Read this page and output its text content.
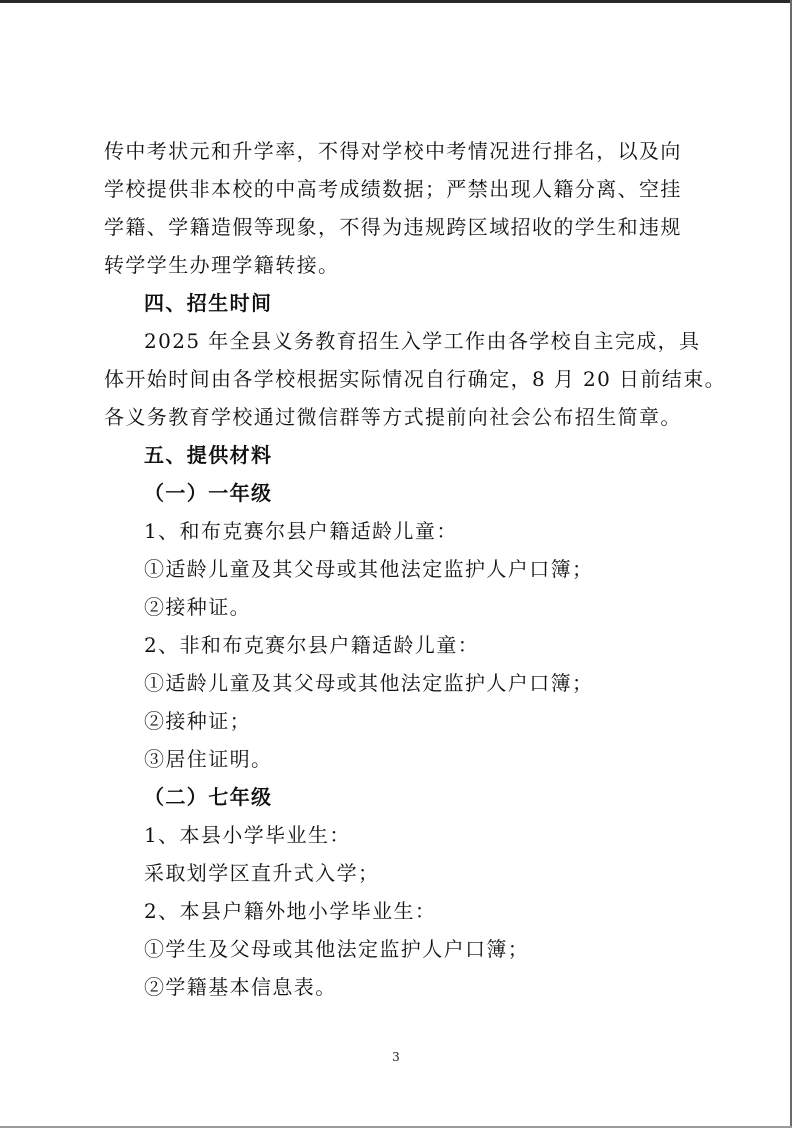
传中考状元和升学率，不得对学校中考情况进行排名，以及向

学校提供非本校的中高考成绩数据；严禁出现人籍分离、空挂

学籍、学籍造假等现象，不得为违规跨区域招收的学生和违规

转学学生办理学籍转接。

四、招生时间

2025 年全县义务教育招生入学工作由各学校自主完成，具

体开始时间由各学校根据实际情况自行确定，8 月 20 日前结束。

各义务教育学校通过微信群等方式提前向社会公布招生简章。

五、提供材料

（一）一年级

1、和布克赛尔县户籍适龄儿童：

①适龄儿童及其父母或其他法定监护人户口簿；

②接种证。

2、非和布克赛尔县户籍适龄儿童：

①适龄儿童及其父母或其他法定监护人户口簿；

②接种证；

③居住证明。

（二）七年级

1、本县小学毕业生：

采取划学区直升式入学；

2、本县户籍外地小学毕业生：

①学生及父母或其他法定监护人户口簿；

②学籍基本信息表。

3
